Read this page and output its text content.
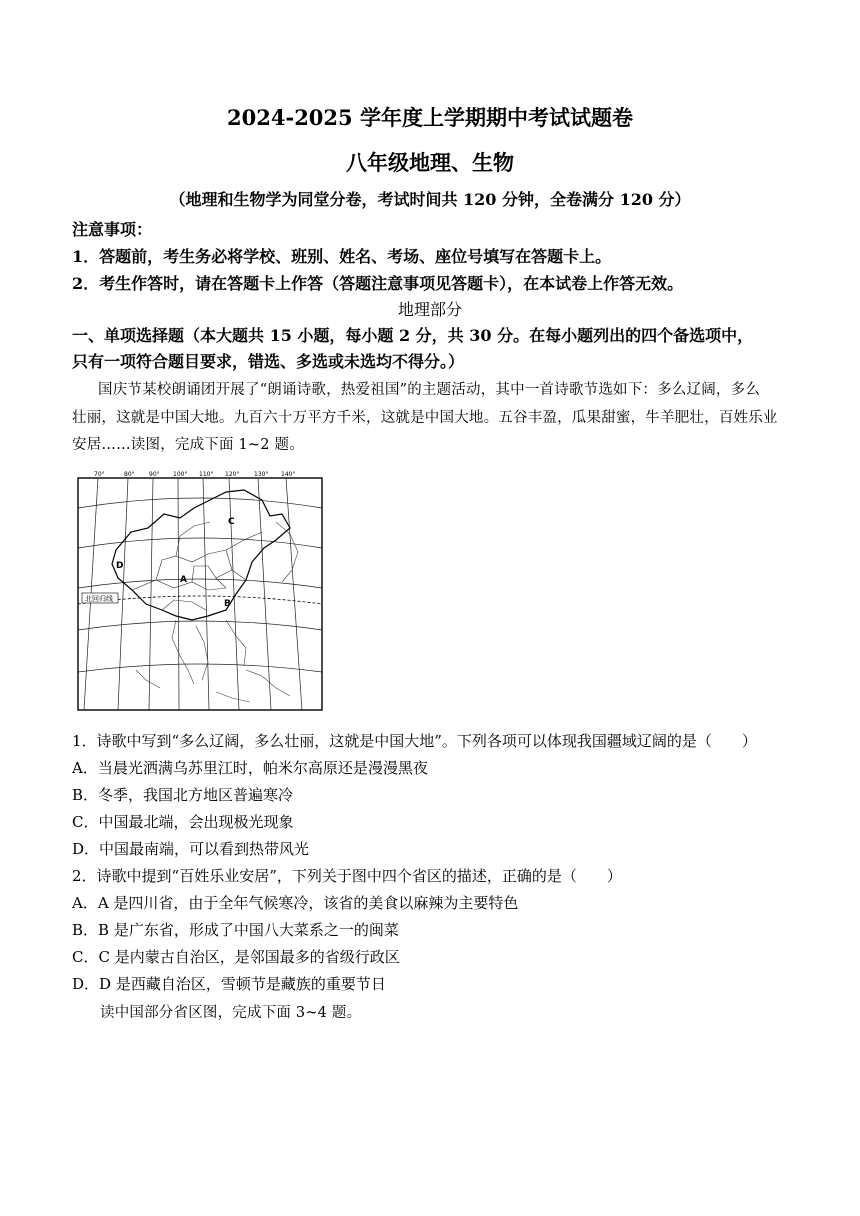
2024-2025 学年度上学期期中考试试题卷
八年级地理、生物
（地理和生物学为同堂分卷，考试时间共 120 分钟，全卷满分 120 分）
注意事项：
1．答题前，考生务必将学校、班别、姓名、考场、座位号填写在答题卡上。
2．考生作答时，请在答题卡上作答（答题注意事项见答题卡），在本试卷上作答无效。
地理部分
一、单项选择题（本大题共 15 小题，每小题 2 分，共 30 分。在每小题列出的四个备选项中，
只有一项符合题目要求，错选、多选或未选均不得分。）
国庆节某校朗诵团开展了“朗诵诗歌，热爱祖国”的主题活动，其中一首诗歌节选如下：多么辽阔，多么
壮丽，这就是中国大地。九百六十万平方千米，这就是中国大地。五谷丰盈，瓜果甜蜜，牛羊肥壮，百姓乐业
安居……读图，完成下面 1~2 题。
70°	80° 90° 100° 110° 120° 130° 140°
北回归线
A
B
C
D
1．诗歌中写到“多么辽阔，多么壮丽，这就是中国大地”。下列各项可以体现我国疆域辽阔的是（　　）
A．当晨光洒满乌苏里江时，帕米尔高原还是漫漫黑夜
B．冬季，我国北方地区普遍寒冷
C．中国最北端，会出现极光现象
D．中国最南端，可以看到热带风光
2．诗歌中提到“百姓乐业安居”，下列关于图中四个省区的描述，正确的是（　　）
A．A 是四川省，由于全年气候寒冷，该省的美食以麻辣为主要特色
B．B 是广东省，形成了中国八大菜系之一的闽菜
C．C 是内蒙古自治区，是邻国最多的省级行政区
D．D 是西藏自治区，雪顿节是藏族的重要节日
读中国部分省区图，完成下面 3~4 题。
